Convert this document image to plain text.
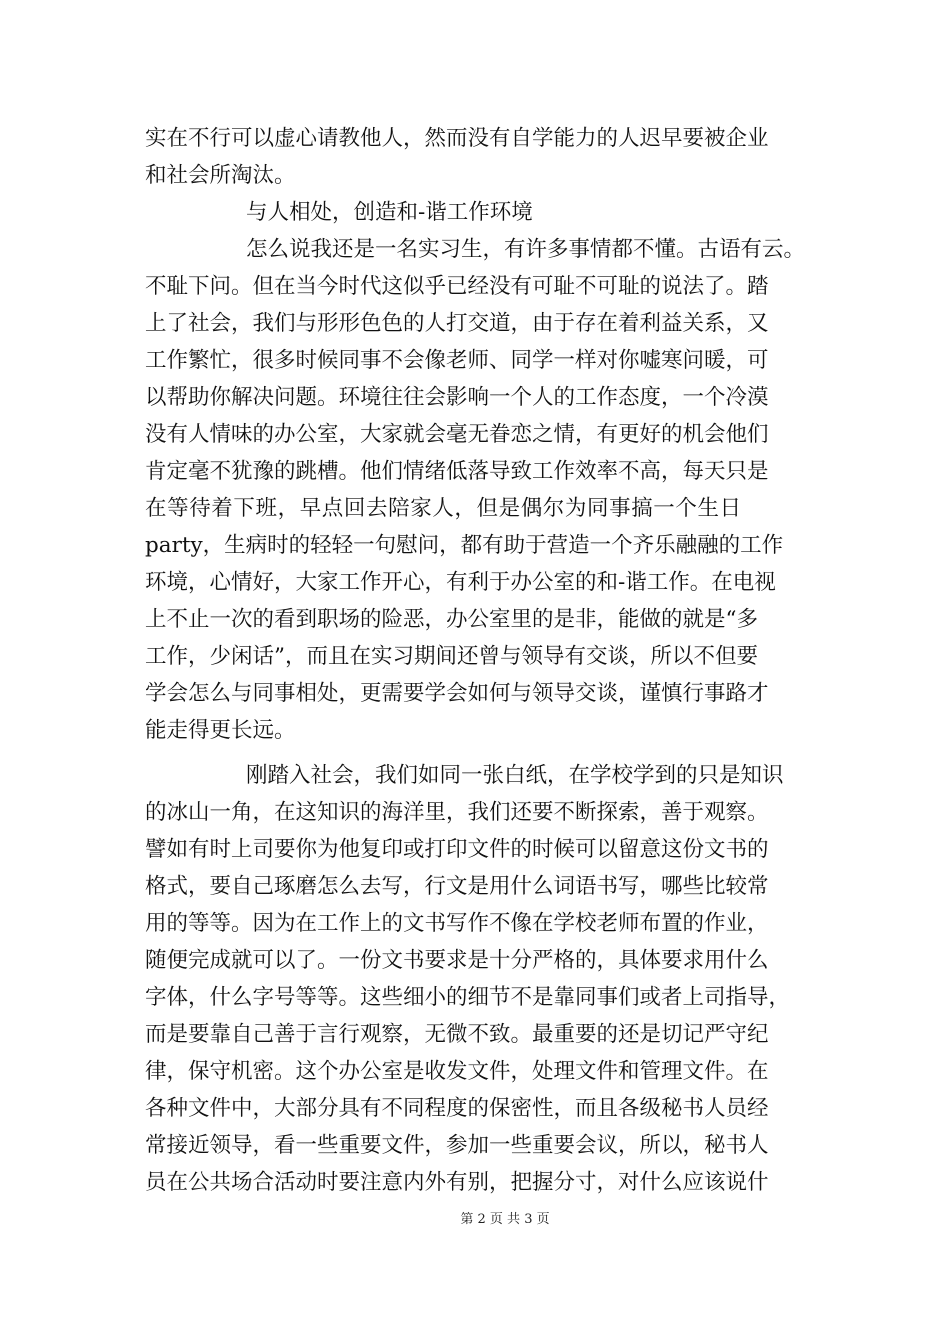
实在不行可以虚心请教他人，然而没有自学能力的人迟早要被企业
和社会所淘汰。
与人相处，创造和-谐工作环境
怎么说我还是一名实习生，有许多事情都不懂。古语有云。
不耻下问。但在当今时代这似乎已经没有可耻不可耻的说法了。踏
上了社会，我们与形形色色的人打交道，由于存在着利益关系，又
工作繁忙，很多时候同事不会像老师、同学一样对你嘘寒问暖，可
以帮助你解决问题。环境往往会影响一个人的工作态度，一个冷漠
没有人情味的办公室，大家就会毫无眷恋之情，有更好的机会他们
肯定毫不犹豫的跳槽。他们情绪低落导致工作效率不高，每天只是
在等待着下班，早点回去陪家人，但是偶尔为同事搞一个生日
party，生病时的轻轻一句慰问，都有助于营造一个齐乐融融的工作
环境，心情好，大家工作开心，有利于办公室的和-谐工作。在电视
上不止一次的看到职场的险恶，办公室里的是非，能做的就是“多
工作，少闲话”，而且在实习期间还曾与领导有交谈，所以不但要
学会怎么与同事相处，更需要学会如何与领导交谈，谨慎行事路才
能走得更长远。
刚踏入社会，我们如同一张白纸，在学校学到的只是知识
的冰山一角，在这知识的海洋里，我们还要不断探索，善于观察。
譬如有时上司要你为他复印或打印文件的时候可以留意这份文书的
格式，要自己琢磨怎么去写，行文是用什么词语书写，哪些比较常
用的等等。因为在工作上的文书写作不像在学校老师布置的作业，
随便完成就可以了。一份文书要求是十分严格的，具体要求用什么
字体，什么字号等等。这些细小的细节不是靠同事们或者上司指导，
而是要靠自己善于言行观察，无微不致。最重要的还是切记严守纪
律，保守机密。这个办公室是收发文件，处理文件和管理文件。在
各种文件中，大部分具有不同程度的保密性，而且各级秘书人员经
常接近领导，看一些重要文件，参加一些重要会议，所以，秘书人
员在公共场合活动时要注意内外有别，把握分寸，对什么应该说什
第 2 页 共 3 页
